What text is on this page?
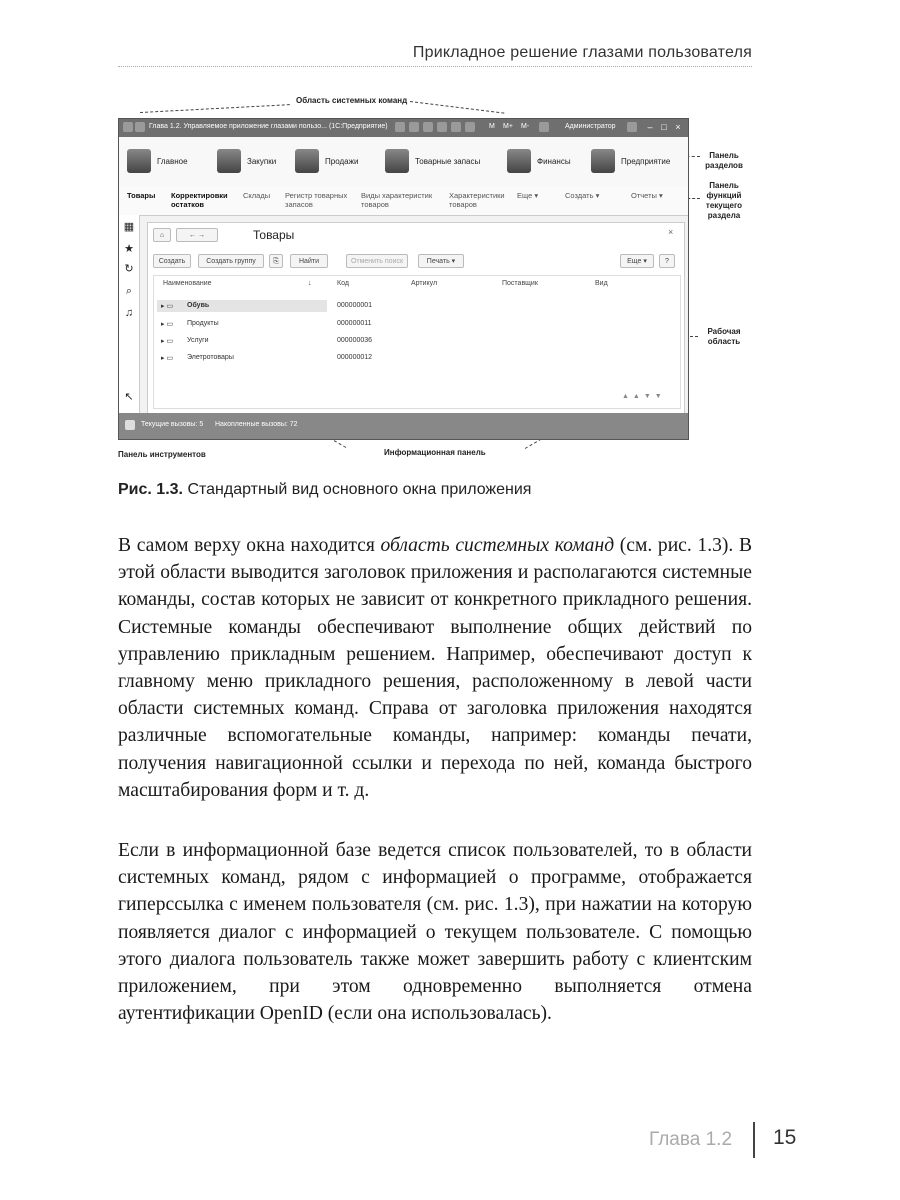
Прикладное решение глазами пользователя
Область системных команд
Панель разделов
Панель функций текущего раздела
Рабочая область
Панель инструментов	Информационная панель
Глава 1.2. Управляемое приложение глазами пользо... (1С:Предприятие)	M M+ M-	Администратор	– □ ×
Главное	Закупки	Продажи	Товарные запасы	Финансы	Предприятие
Товары Корректировки остатков
Склады Регистр товарных запасов
Виды характеристик товаров
Характеристики товаров
Еще ▾	Создать ▾	Отчеты ▾
▦
★
↻
⌕
♫
↖
⌂	← →	Товары	×
Создать	Создать группу	⎘	Найти	Отменить поиск	Печать ▾	Еще ▾	?
Наименование	↓	Код	Артикул	Поставщик	Вид
▸ ▭ Обувь	000000001
▸ ▭ Продукты	000000011
▸ ▭ Услуги	000000036
▸ ▭ Элетротовары	000000012
▲▲▼▼
Текущие вызовы: 5 Накопленные вызовы: 72
Рис. 1.3. Стандартный вид основного окна приложения
В самом верху окна находится область системных команд (см. рис. 1.3). В этой области выводится заголовок приложения и располагаются системные команды, состав которых не зависит от конкретного прикладного решения. Системные команды обеспечивают выполнение общих действий по управлению прикладным решением. Например, обеспечивают доступ к главному меню прикладного решения, расположенному в левой части области системных команд. Справа от заголовка приложения находятся различные вспомогательные команды, например: команды печати, получения навигационной ссылки и перехода по ней, команда быстрого масштабирования форм и т. д.
Если в информационной базе ведется список пользователей, то в области системных команд, рядом с информацией о программе, отображается гиперссылка с именем пользователя (см. рис. 1.3), при нажатии на которую появляется диалог с информацией о текущем пользователе. С помощью этого диалога пользователь также может завершить работу с клиентским приложением, при этом одновременно выполняется отмена аутентификации OpenID (если она использовалась).
Глава 1.2 15
